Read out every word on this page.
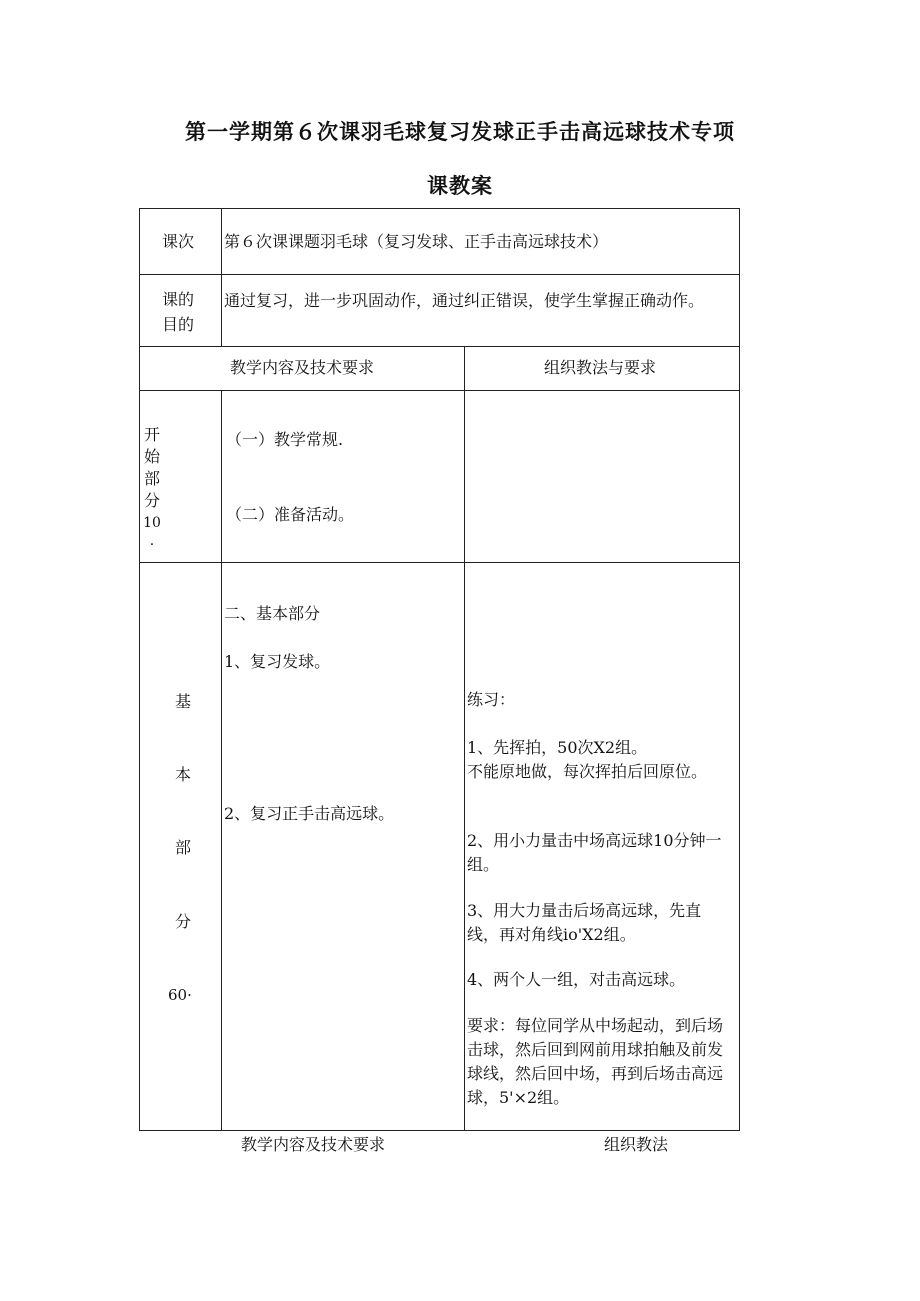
第一学期第６次课羽毛球复习发球正手击高远球技术专项
课教案
课次 第６次课课题羽毛球（复习发球、正手击高远球技术）
课的
目的
通过复习，进一步巩固动作，通过纠正错误，使学生掌握正确动作。
教学内容及技术要求	组织教法与要求
开
始
部
分
10·
（一）教学常规.
（二）准备活动。
基
本
部
分
60·
二、基本部分
1、复习发球。
2、复习正手击高远球。
练习：
1、先挥拍，50次X2组。
不能原地做，每次挥拍后回原位。
2、用小力量击中场高远球10分钟一组。
3、用大力量击后场高远球，先直线，再对角线io'X2组。
4、两个人一组，对击高远球。
要求：每位同学从中场起动，到后场击球，然后回到网前用球拍触及前发球线，然后回中场，再到后场击高远球，5'×2组。
教学内容及技术要求	组织教法
